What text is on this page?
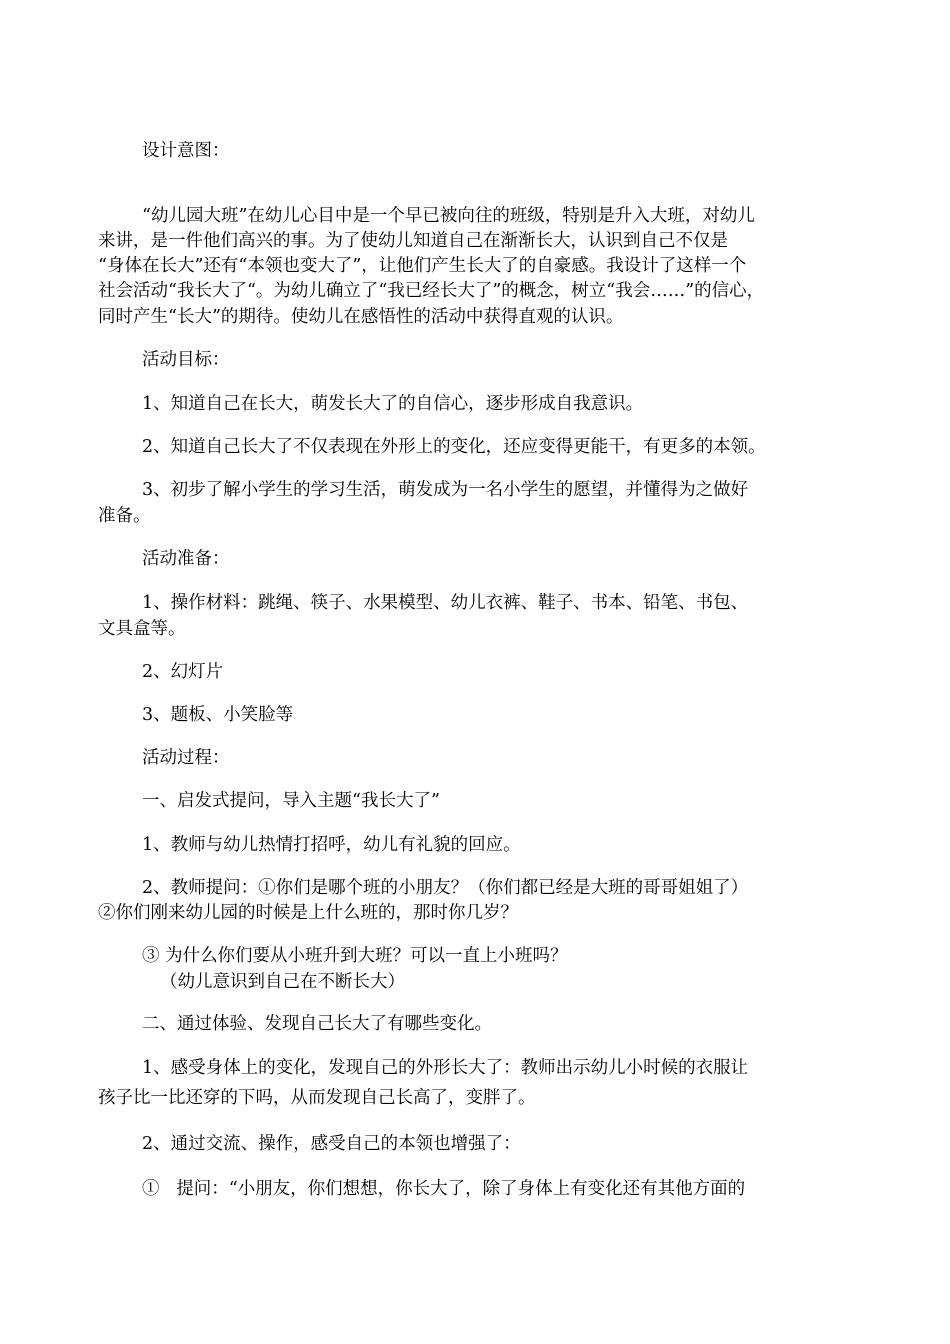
设计意图：
“幼儿园大班”在幼儿心目中是一个早已被向往的班级，特别是升入大班，对幼儿
来讲，是一件他们高兴的事。为了使幼儿知道自己在渐渐长大，认识到自己不仅是
“身体在长大”还有“本领也变大了”，让他们产生长大了的自豪感。我设计了这样一个
社会活动“我长大了“。为幼儿确立了“我已经长大了”的概念，树立“我会……”的信心，
同时产生“长大”的期待。使幼儿在感悟性的活动中获得直观的认识。
活动目标：
1、知道自己在长大，萌发长大了的自信心，逐步形成自我意识。
2、知道自己长大了不仅表现在外形上的变化，还应变得更能干，有更多的本领。
3、初步了解小学生的学习生活，萌发成为一名小学生的愿望，并懂得为之做好
准备。
活动准备：
1、操作材料：跳绳、筷子、水果模型、幼儿衣裤、鞋子、书本、铅笔、书包、
文具盒等。
2、幻灯片
3、题板、小笑脸等
活动过程：
一、启发式提问，导入主题“我长大了”
1、教师与幼儿热情打招呼，幼儿有礼貌的回应。
2、教师提问：①你们是哪个班的小朋友？（你们都已经是大班的哥哥姐姐了）
②你们刚来幼儿园的时候是上什么班的，那时你几岁？
③ 为什么你们要从小班升到大班？可以一直上小班吗？
（幼儿意识到自己在不断长大）
二、通过体验、发现自己长大了有哪些变化。
1、感受身体上的变化，发现自己的外形长大了：教师出示幼儿小时候的衣服让
孩子比一比还穿的下吗，从而发现自己长高了，变胖了。
2、通过交流、操作，感受自己的本领也增强了：
①   提问：“小朋友，你们想想，你长大了，除了身体上有变化还有其他方面的
